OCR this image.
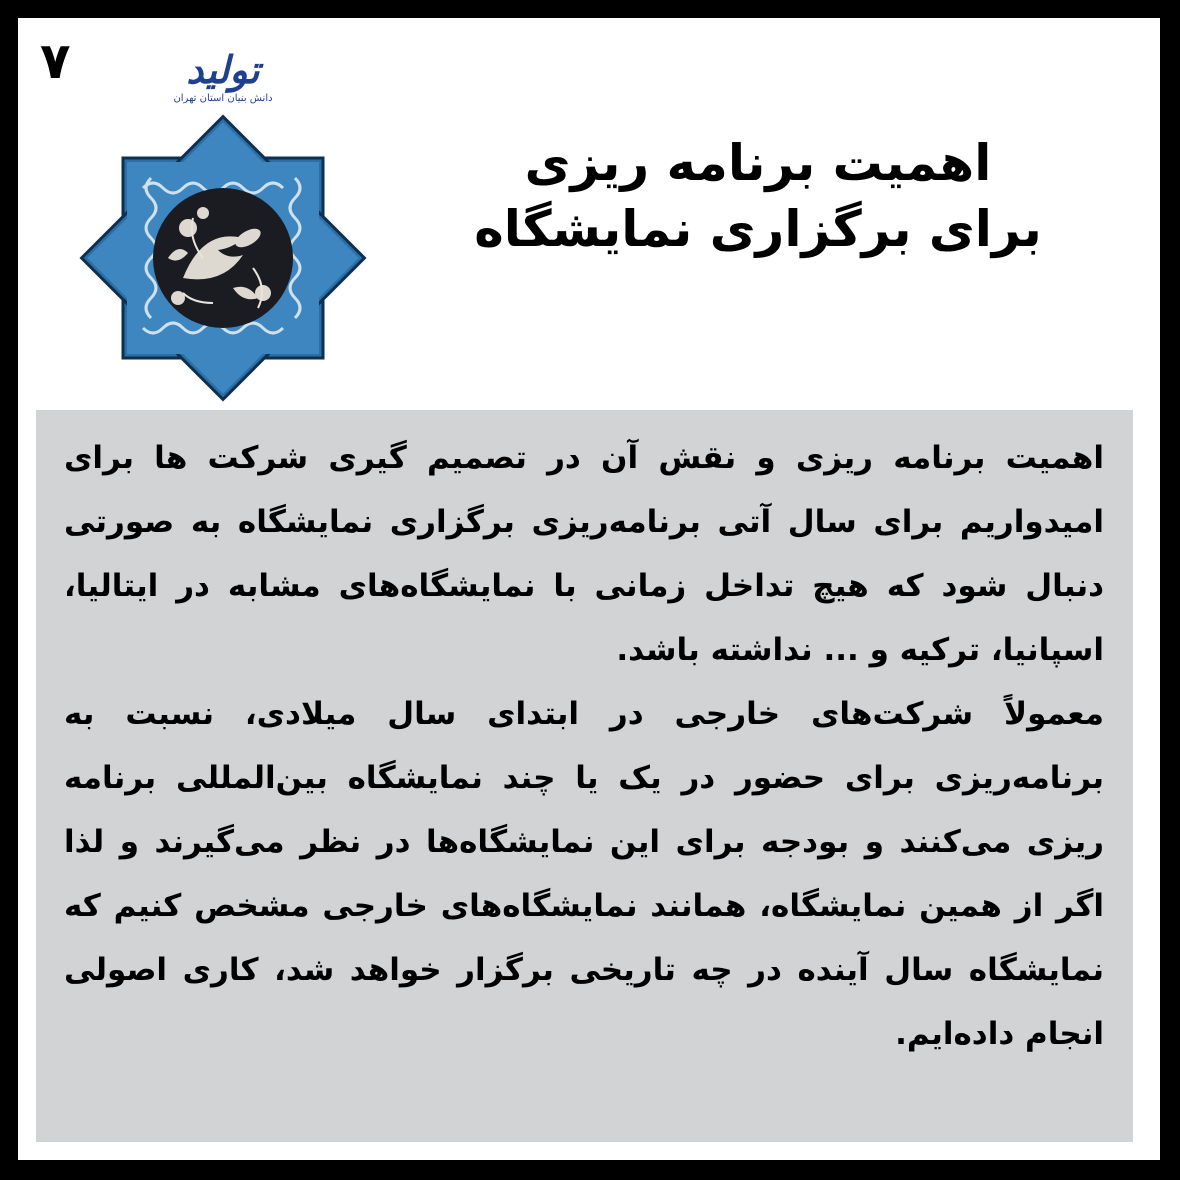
۷	تولید
دانش بنیان استان تهران
اهمیت برنامه ریزی
برای برگزاری نمایشگاه

اهمیت برنامه ریزی و نقش آن در تصمیم گیری شرکت ها برای امیدواریم برای سال آتی برنامه‌ریزی برگزاری نمایشگاه به صورتی دنبال شود که هیچ تداخل زمانی با نمایشگاه‌های مشابه در ایتالیا، اسپانیا، ترکیه و ... نداشته باشد.

معمولاً شرکت‌های خارجی در ابتدای سال میلادی، نسبت به برنامه‌ریزی برای حضور در یک یا چند نمایشگاه بین‌المللی برنامه ریزی می‌کنند و بودجه برای این نمایشگاه‌ها در نظر می‌گیرند و لذا اگر از همین نمایشگاه، همانند نمایشگاه‌های خارجی مشخص کنیم که نمایشگاه سال آینده در چه تاریخی برگزار خواهد شد، کاری اصولی انجام داده‌ایم.
